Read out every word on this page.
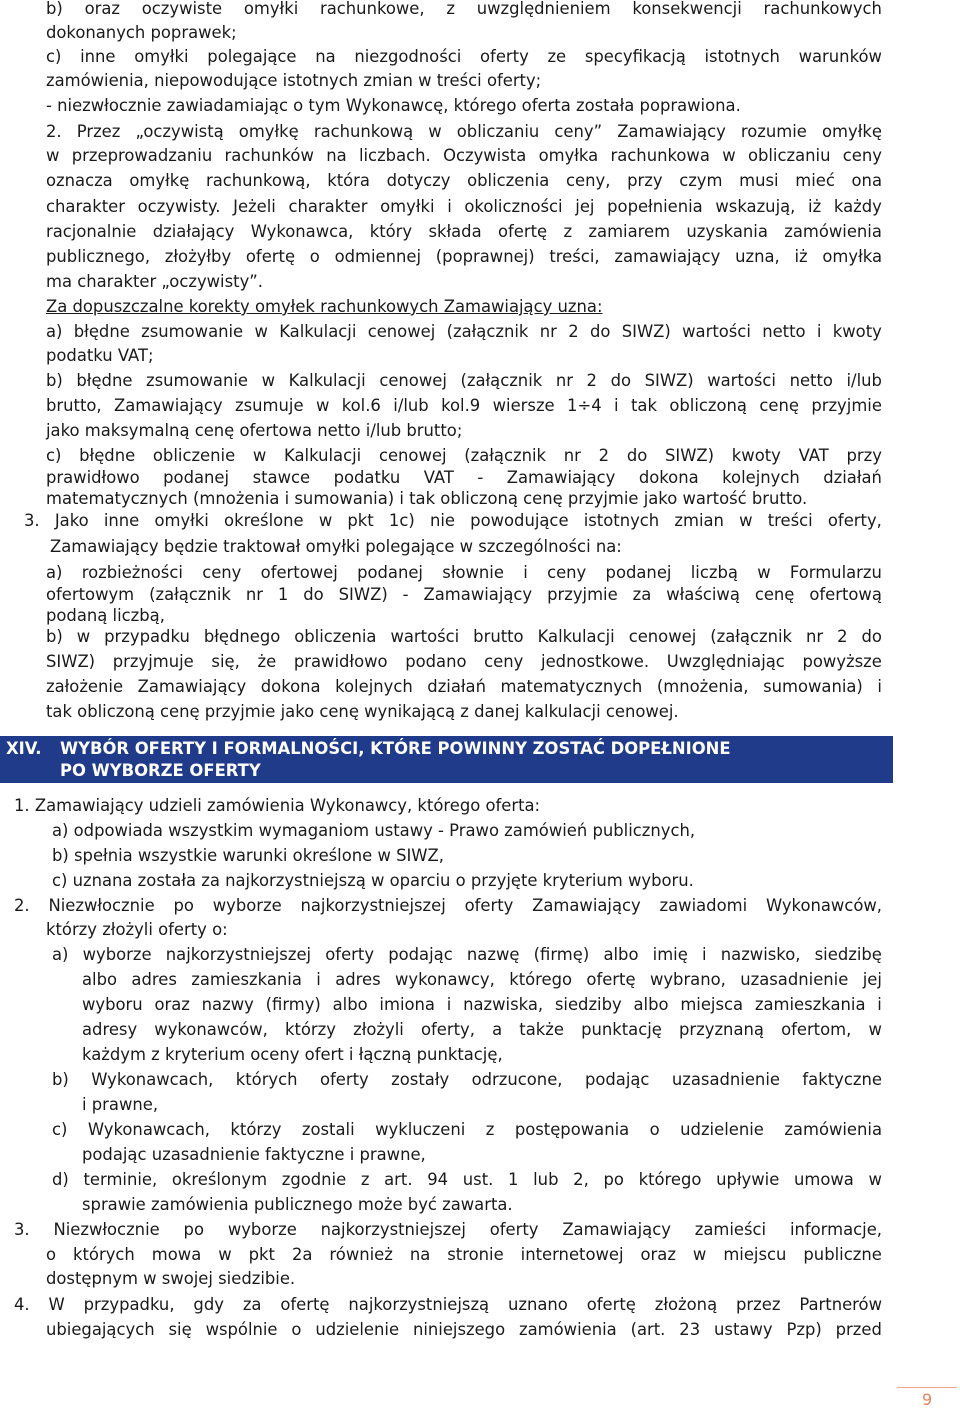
b) oraz oczywiste omyłki rachunkowe, z uwzględnieniem konsekwencji rachunkowych
dokonanych poprawek;
c) inne omyłki polegające na niezgodności oferty ze specyfikacją istotnych warunków
zamówienia, niepowodujące istotnych zmian w treści oferty;
- niezwłocznie zawiadamiając o tym Wykonawcę, którego oferta została poprawiona.
2. Przez „oczywistą omyłkę rachunkową w obliczaniu ceny” Zamawiający rozumie omyłkę
w przeprowadzaniu rachunków na liczbach. Oczywista omyłka rachunkowa w obliczaniu ceny
oznacza omyłkę rachunkową, która dotyczy obliczenia ceny, przy czym musi mieć ona
charakter oczywisty. Jeżeli charakter omyłki i okoliczności jej popełnienia wskazują, iż każdy
racjonalnie działający Wykonawca, który składa ofertę z zamiarem uzyskania zamówienia
publicznego, złożyłby ofertę o odmiennej (poprawnej) treści, zamawiający uzna, iż omyłka
ma charakter „oczywisty”.
Za dopuszczalne korekty omyłek rachunkowych Zamawiający uzna:
a) błędne zsumowanie w Kalkulacji cenowej (załącznik nr 2 do SIWZ) wartości netto i kwoty
podatku VAT;
b) błędne zsumowanie w Kalkulacji cenowej (załącznik nr 2 do SIWZ) wartości netto i/lub
brutto, Zamawiający zsumuje w kol.6 i/lub kol.9 wiersze 1÷4 i tak obliczoną cenę przyjmie
jako maksymalną cenę ofertowa netto i/lub brutto;
c) błędne obliczenie w Kalkulacji cenowej (załącznik nr 2 do SIWZ) kwoty VAT przy
prawidłowo podanej stawce podatku VAT - Zamawiający dokona kolejnych działań
matematycznych (mnożenia i sumowania) i tak obliczoną cenę przyjmie jako wartość brutto.
3. Jako inne omyłki określone w pkt 1c) nie powodujące istotnych zmian w treści oferty,
Zamawiający będzie traktował omyłki polegające w szczególności na:
a) rozbieżności ceny ofertowej podanej słownie i ceny podanej liczbą w Formularzu
ofertowym (załącznik nr 1 do SIWZ) - Zamawiający przyjmie za właściwą cenę ofertową
podaną liczbą,
b) w przypadku błędnego obliczenia wartości brutto Kalkulacji cenowej (załącznik nr 2 do
SIWZ) przyjmuje się, że prawidłowo podano ceny jednostkowe. Uwzględniając powyższe
założenie Zamawiający dokona kolejnych działań matematycznych (mnożenia, sumowania) i
tak obliczoną cenę przyjmie jako cenę wynikającą z danej kalkulacji cenowej.
1. Zamawiający udzieli zamówienia Wykonawcy, którego oferta:
a) odpowiada wszystkim wymaganiom ustawy - Prawo zamówień publicznych,
b) spełnia wszystkie warunki określone w SIWZ,
c) uznana została za najkorzystniejszą w oparciu o przyjęte kryterium wyboru.
2. Niezwłocznie po wyborze najkorzystniejszej oferty Zamawiający zawiadomi Wykonawców,
którzy złożyli oferty o:
a) wyborze najkorzystniejszej oferty podając nazwę (firmę) albo imię i nazwisko, siedzibę
albo adres zamieszkania i adres wykonawcy, którego ofertę wybrano, uzasadnienie jej
wyboru oraz nazwy (firmy) albo imiona i nazwiska, siedziby albo miejsca zamieszkania i
adresy wykonawców, którzy złożyli oferty, a także punktację przyznaną ofertom, w
każdym z kryterium oceny ofert i łączną punktację,
b) Wykonawcach, których oferty zostały odrzucone, podając uzasadnienie faktyczne
i prawne,
c) Wykonawcach, którzy zostali wykluczeni z postępowania o udzielenie zamówienia
podając uzasadnienie faktyczne i prawne,
d) terminie, określonym zgodnie z art. 94 ust. 1 lub 2, po którego upływie umowa w
sprawie zamówienia publicznego może być zawarta.
3. Niezwłocznie po wyborze najkorzystniejszej oferty Zamawiający zamieści informacje,
o których mowa w pkt 2a również na stronie internetowej oraz w miejscu publiczne
dostępnym w swojej siedzibie.
4. W przypadku, gdy za ofertę najkorzystniejszą uznano ofertę złożoną przez Partnerów
ubiegających się wspólnie o udzielenie niniejszego zamówienia (art. 23 ustawy Pzp) przed
XIV. WYBÓR OFERTY I FORMALNOŚCI, KTÓRE POWINNY ZOSTAĆ DOPEŁNIONE
PO WYBORZE OFERTY
9
